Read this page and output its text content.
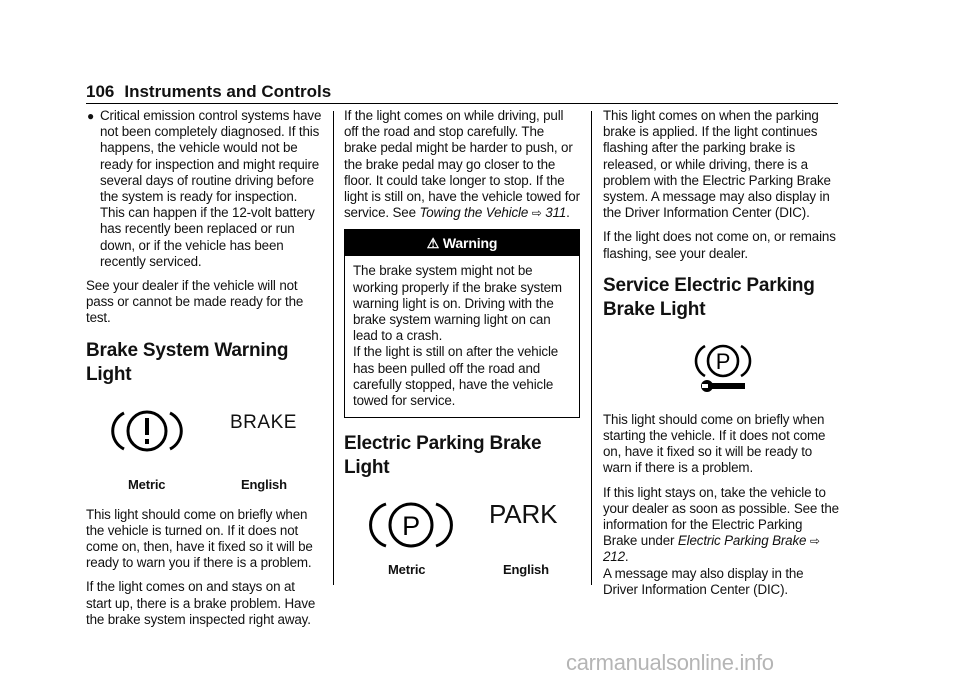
106 Instruments and Controls
● Critical emission control systems have not been completely diagnosed. If this happens, the vehicle would not be ready for inspection and might require several days of routine driving before the system is ready for inspection. This can happen if the 12-volt battery has recently been replaced or run down, or if the vehicle has been recently serviced.

See your dealer if the vehicle will not pass or cannot be made ready for the test.

Brake System Warning Light
BRAKE
Metric	English

This light should come on briefly when the vehicle is turned on. If it does not come on, then, have it fixed so it will be ready to warn you if there is a problem.

If the light comes on and stays on at start up, there is a brake problem. Have the brake system inspected right away.

If the light comes on while driving, pull off the road and stop carefully. The brake pedal might be harder to push, or the brake pedal may go closer to the floor. It could take longer to stop. If the light is still on, have the vehicle towed for service. See Towing the Vehicle ⇨ 311.

⚠ Warning
The brake system might not be working properly if the brake system warning light is on. Driving with the brake system warning light on can lead to a crash.
If the light is still on after the vehicle has been pulled off the road and carefully stopped, have the vehicle towed for service.
Electric Parking Brake Light
P	PARK
Metric	English

This light comes on when the parking brake is applied. If the light continues flashing after the parking brake is released, or while driving, there is a problem with the Electric Parking Brake system. A message may also display in the Driver Information Center (DIC).

If the light does not come on, or remains flashing, see your dealer.

Service Electric Parking Brake Light
P

This light should come on briefly when starting the vehicle. If it does not come on, have it fixed so it will be ready to warn if there is a problem.

If this light stays on, take the vehicle to your dealer as soon as possible. See the information for the Electric Parking Brake under Electric Parking Brake ⇨ 212.

A message may also display in the Driver Information Center (DIC).

carmanualsonline.info
